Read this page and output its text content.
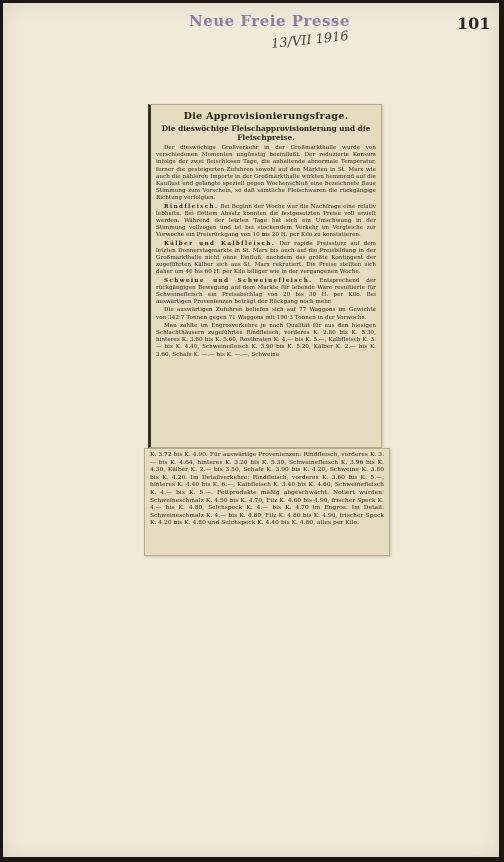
Neue Freie Presse
13/VII 1916
101
Die Approvisionierungsfrage.
Die dieswöchige Fleischapprovisionierung und die Fleischpreise.

Der dieswöchige Großverkehr in der Großmarkthalle wurde von verschiedenen Momenten ungünstig beeinflußt. Der reduzierte Konsum infolge der zwei fleischlosen Tage, die anhaltende abnormale Temperatur, ferner die gesteigerten Zufuhren sowohl auf den Märkten in St. Marx wie auch die nähleren Importe in der Großmarkthalle wirkten hemmend auf die Kauflust und gelangte speziell gegen Wochenschluß eine bezeichnete flaue Stimmung zum Vorschein, so daß sämtliche Fleischwaren die rückgängige Richtung verfolgten.

Rindfleisch. Bei Beginn der Woche war die Nachfrage eine relativ lebhafte. Bei flottem Absatz konnten die festgesetzten Preise voll erzielt werden. Während der letzten Tage hat sich ein Umschwung in der Stimmung vollzogen und ist bei stockendem Verkehr im Vergleiche zur Vorwoche ein Preisrückgang von 10 bis 20 H. per Kilo zu konstatieren.

Kälber und Kalbfleisch. Der rapide Preissturz auf dem letzten Donnerstagmarkte in St. Marx bis auch auf die Preisbildung in der Großmarkthalle nicht ohne Einfluß, nachdem das größte Kontingent der zugeführten Kälber sich aus St. Marx rekrutiert. Die Preise stellten sich daher um 40 bis 60 H. per Kilo billiger wie in der vergangenen Woche.

Schweine und Schweinefleisch. Entsprechend der rückgängigen Bewegung auf dem Markte für lebende Ware resultierte für Schweinefleisch ein Preisabschlag von 20 bis 30 H. per Kilo. Bei auswärtigen Provenienzen beträgt der Rückgang noch mehr.

Die auswärtigen Zufuhren beliefen sich auf 77 Waggons im Gewichte von 342·7 Tonnen gegen 71 Waggons mit 190·3 Tonnen in der Vorwoche.

Man zahlte im Engrosverkehre je nach Qualität für aus den hiesigen Schlachthäusern zugeführtes Rindfleisch, vorderes K. 2.80 bis K. 5.30, hinteres K. 3.60 bis K. 5.60, Rostbraten K. 4.— bis K. 5.—, Kalbfleisch K. 3.— bis K. 4.40, Schweinefleisch K. 3.90 bis K. 5.20, Kälber K. 2.— bis K. 3.60, Schafe K. —.— bis K. —.—, Schweine

K. 3.72 bis K. 4.90. Für auswärtige Provenienzen: Rindfleisch, vorderes K. 3.— bis K. 4.64, hinteres K. 3.20 bis K. 5.30, Schweinefleisch K. 3.96 bis K. 4.30, Kälber K. 2.— bis 3.50, Schafe K. 3.90 bis K. 4.20, Schweine K. 3.80 bis K. 4.20. Im Detailverkehre: Rindfleisch, vorderes K. 3.60 bis K. 5.—, hinteres K. 4.40 bis K. 6.—, Kalbfleisch K. 3.40 bis K. 4.60, Schweinefleisch K. 4.— bis K. 5.—. Fettprodukte mäßig abgeschwächt. Notiert wurden: Schweineschmalz K. 4.50 bis K. 4.70, Filz K. 4.60 bis 4.90, frischer Speck K. 4.— bis K. 4.80, Selchspeck K. 4.— bis K. 4.70 im Engros. Im Detail: Schweineschmalz K. 4.— bis K. 4.80, Filz K. 4.80 bis K. 4.90, frischer Speck K. 4.20 bis K. 4.80 und Selchspeck K. 4.40 bis K. 4.80, alles per Kilo.
